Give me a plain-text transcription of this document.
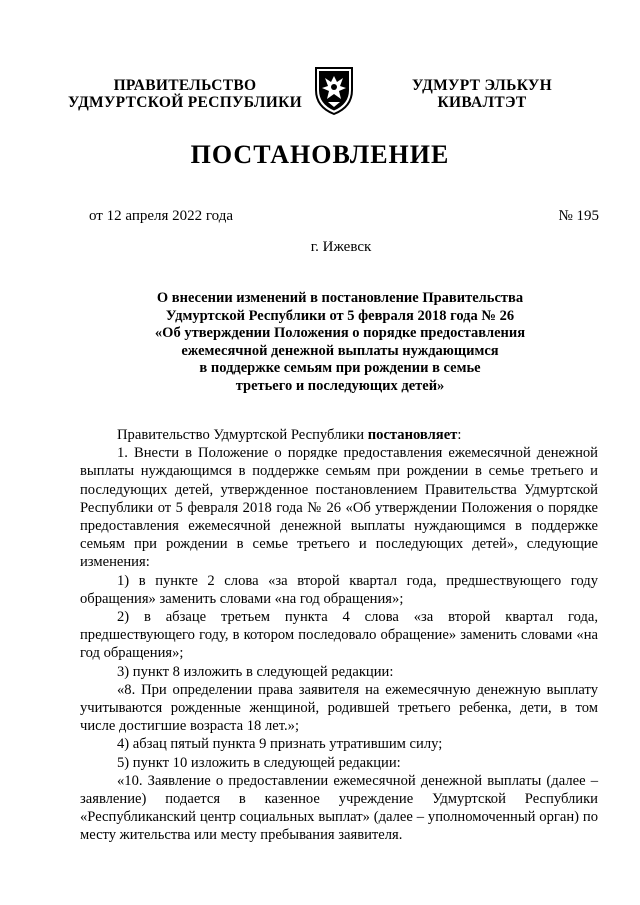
ПРАВИТЕЛЬСТВО
УДМУРТСКОЙ РЕСПУБЛИКИ
УДМУРТ ЭЛЬКУН
КИВАЛТЭТ
ПОСТАНОВЛЕНИЕ
от 12 апреля 2022 года	№ 195
г. Ижевск
О внесении изменений в постановление Правительства
Удмуртской Республики от 5 февраля 2018 года № 26
«Об утверждении Положения о порядке предоставления
ежемесячной денежной выплаты нуждающимся
в поддержке семьям при рождении в семье
третьего и последующих детей»

Правительство Удмуртской Республики постановляет:

1. Внести в Положение о порядке предоставления ежемесячной денежной выплаты нуждающимся в поддержке семьям при рождении в семье третьего и последующих детей, утвержденное постановлением Правительства Удмуртской Республики от 5 февраля 2018 года № 26 «Об утверждении Положения о порядке предоставления ежемесячной денежной выплаты нуждающимся в поддержке семьям при рождении в семье третьего и последующих детей», следующие изменения:

1) в пункте 2 слова «за второй квартал года, предшествующего году обращения» заменить словами «на год обращения»;

2) в абзаце третьем пункта 4 слова «за второй квартал года, предшествующего году, в котором последовало обращение» заменить словами «на год обращения»;

3) пункт 8 изложить в следующей редакции:

«8. При определении права заявителя на ежемесячную денежную выплату учитываются рожденные женщиной, родившей третьего ребенка, дети, в том числе достигшие возраста 18 лет.»;

4) абзац пятый пункта 9 признать утратившим силу;

5) пункт 10 изложить в следующей редакции:

«10. Заявление о предоставлении ежемесячной денежной выплаты (далее – заявление) подается в казенное учреждение Удмуртской Республики «Республиканский центр социальных выплат» (далее – уполномоченный орган) по месту жительства или месту пребывания заявителя.
